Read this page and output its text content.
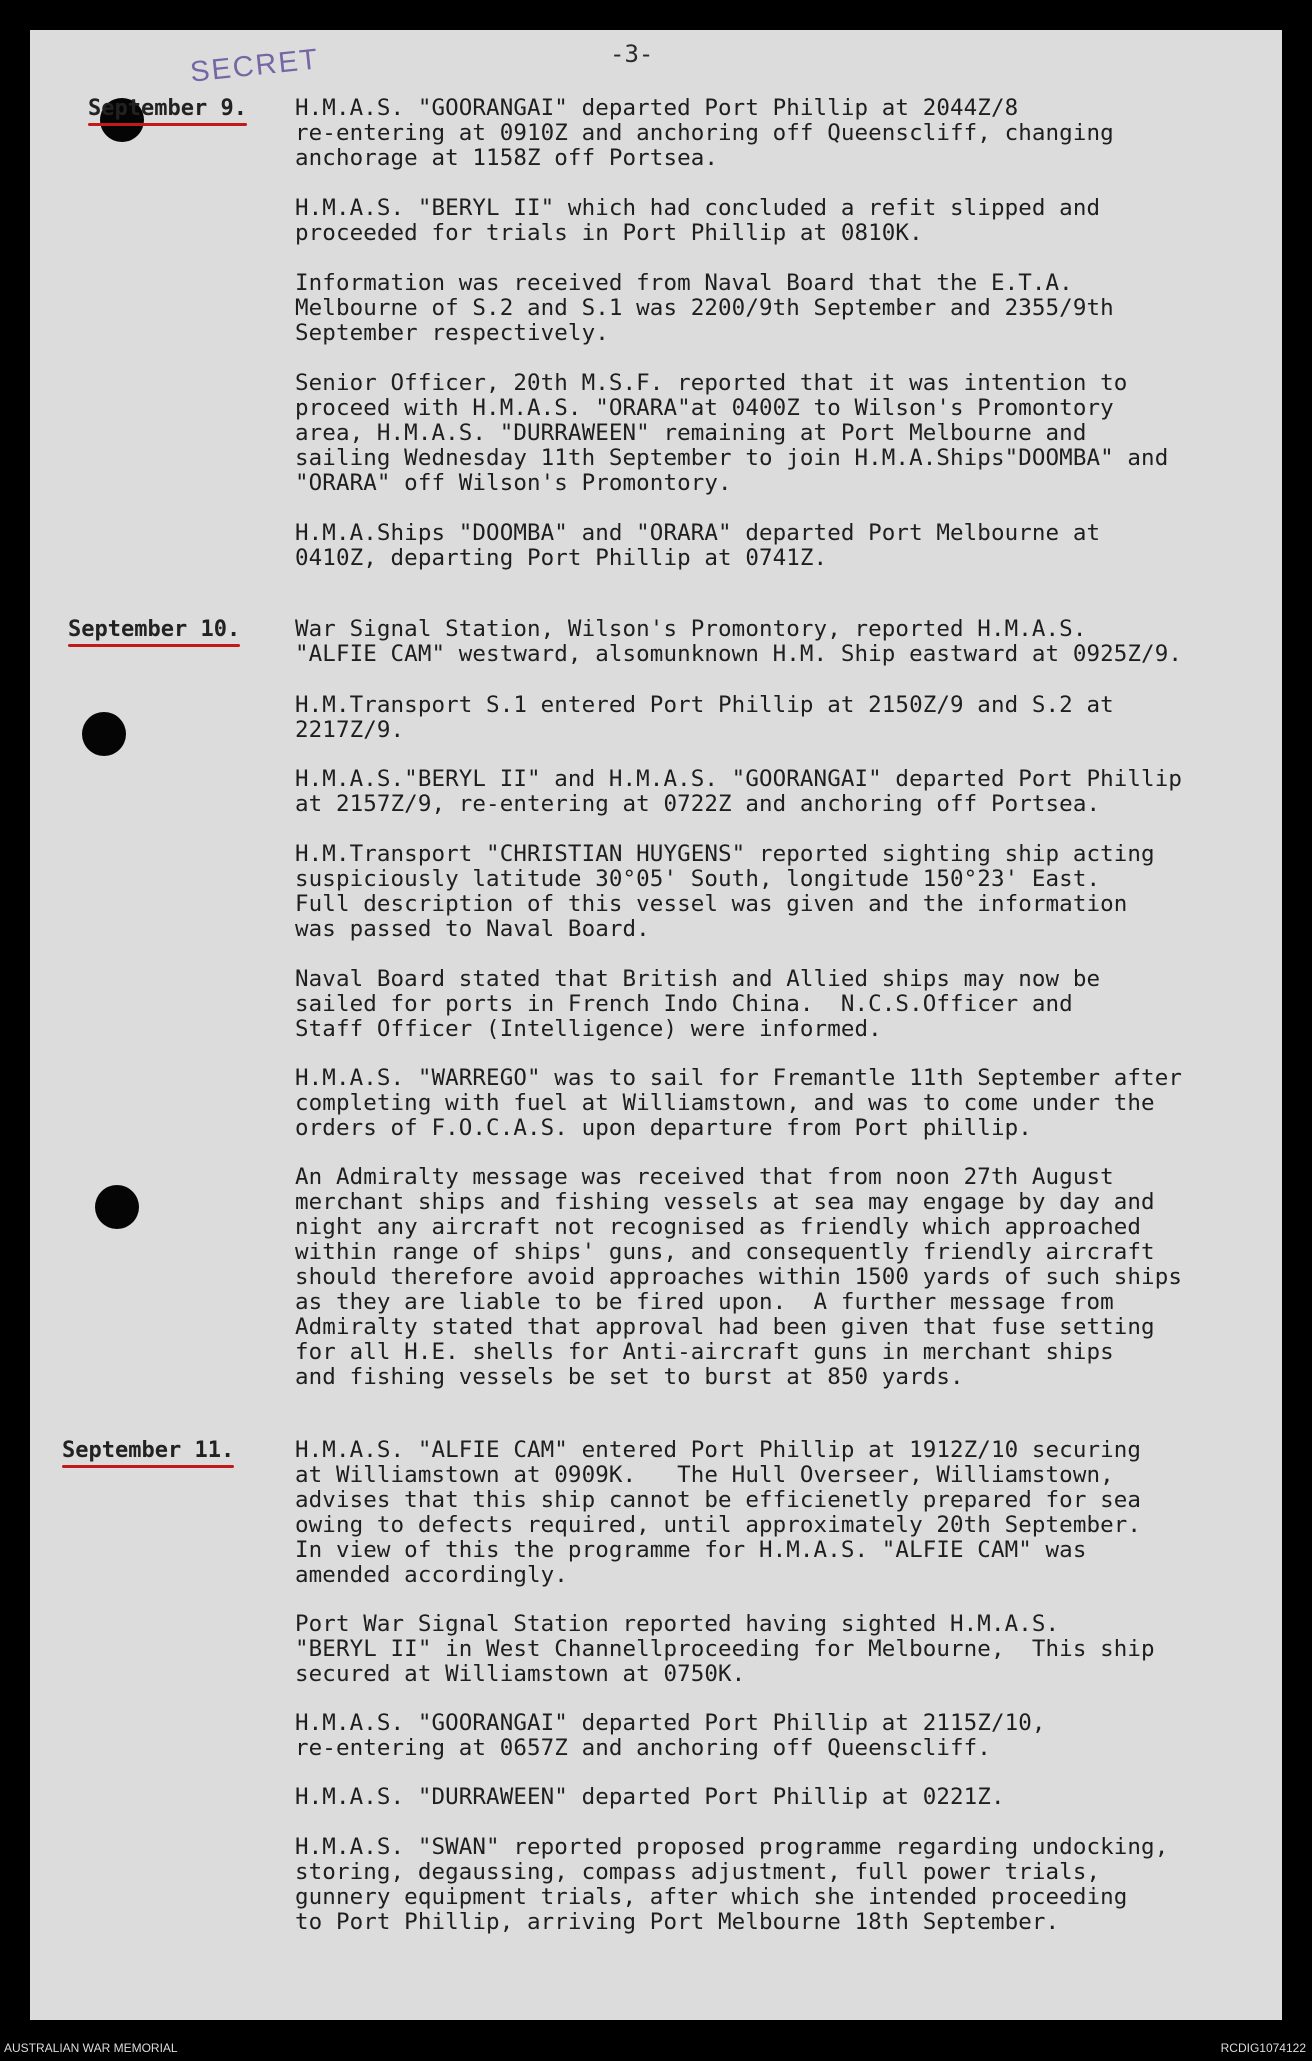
-3-
SECRET
September 9. H.M.A.S. "GOORANGAI" departed Port Phillip at 2044Z/8
re-entering at 0910Z and anchoring off Queenscliff, changing
anchorage at 1158Z off Portsea.
H.M.A.S. "BERYL II" which had concluded a refit slipped and
proceeded for trials in Port Phillip at 0810K.
Information was received from Naval Board that the E.T.A.
Melbourne of S.2 and S.1 was 2200/9th September and 2355/9th
September respectively.
Senior Officer, 20th M.S.F. reported that it was intention to
proceed with H.M.A.S. "ORARA"at 0400Z to Wilson's Promontory
area, H.M.A.S. "DURRAWEEN" remaining at Port Melbourne and
sailing Wednesday 11th September to join H.M.A.Ships"DOOMBA" and
"ORARA" off Wilson's Promontory.
H.M.A.Ships "DOOMBA" and "ORARA" departed Port Melbourne at
0410Z, departing Port Phillip at 0741Z.
September 10. War Signal Station, Wilson's Promontory, reported H.M.A.S.
"ALFIE CAM" westward, alsomunknown H.M. Ship eastward at 0925Z/9.
H.M.Transport S.1 entered Port Phillip at 2150Z/9 and S.2 at
2217Z/9.
H.M.A.S."BERYL II" and H.M.A.S. "GOORANGAI" departed Port Phillip
at 2157Z/9, re-entering at 0722Z and anchoring off Portsea.
H.M.Transport "CHRISTIAN HUYGENS" reported sighting ship acting
suspiciously latitude 30°05' South, longitude 150°23' East.
Full description of this vessel was given and the information
was passed to Naval Board.
Naval Board stated that British and Allied ships may now be
sailed for ports in French Indo China.  N.C.S.Officer and
Staff Officer (Intelligence) were informed.
H.M.A.S. "WARREGO" was to sail for Fremantle 11th September after
completing with fuel at Williamstown, and was to come under the
orders of F.O.C.A.S. upon departure from Port phillip.
An Admiralty message was received that from noon 27th August
merchant ships and fishing vessels at sea may engage by day and
night any aircraft not recognised as friendly which approached
within range of ships' guns, and consequently friendly aircraft
should therefore avoid approaches within 1500 yards of such ships
as they are liable to be fired upon.  A further message from
Admiralty stated that approval had been given that fuse setting
for all H.E. shells for Anti-aircraft guns in merchant ships
and fishing vessels be set to burst at 850 yards.
September 11.	H.M.A.S. "ALFIE CAM" entered Port Phillip at 1912Z/10 securing
at Williamstown at 0909K.   The Hull Overseer, Williamstown,
advises that this ship cannot be efficienetly prepared for sea
owing to defects required, until approximately 20th September.
In view of this the programme for H.M.A.S. "ALFIE CAM" was
amended accordingly.
Port War Signal Station reported having sighted H.M.A.S.
"BERYL II" in West Channellproceeding for Melbourne,  This ship
secured at Williamstown at 0750K.
H.M.A.S. "GOORANGAI" departed Port Phillip at 2115Z/10,
re-entering at 0657Z and anchoring off Queenscliff.
H.M.A.S. "DURRAWEEN" departed Port Phillip at 0221Z.
H.M.A.S. "SWAN" reported proposed programme regarding undocking,
storing, degaussing, compass adjustment, full power trials,
gunnery equipment trials, after which she intended proceeding
to Port Phillip, arriving Port Melbourne 18th September.
AUSTRALIAN WAR MEMORIAL	RCDIG1074122
